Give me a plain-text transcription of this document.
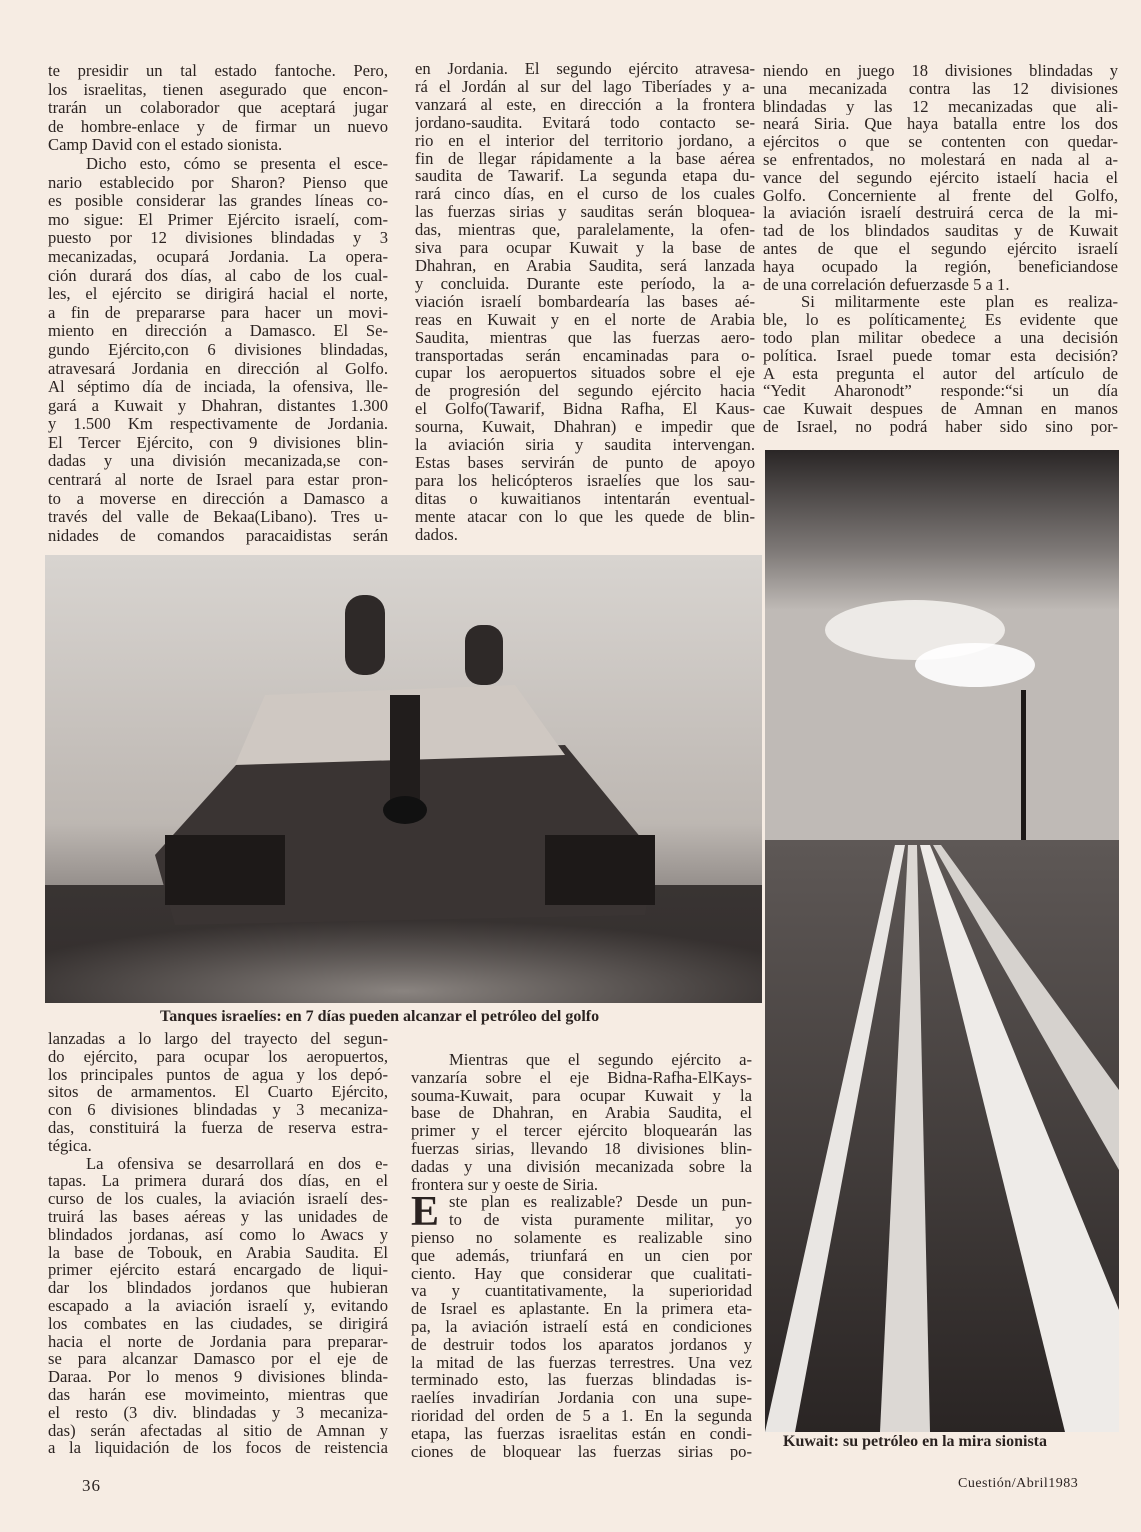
te presidir un tal estado fantoche. Pero,
los israelitas, tienen asegurado que encon-
trarán un colaborador que aceptará jugar
de hombre-enlace y de firmar un nuevo
Camp David con el estado sionista.
Dicho esto, cómo se presenta el esce-
nario establecido por Sharon? Pienso que
es posible considerar las grandes líneas co-
mo sigue: El Primer Ejército israelí, com-
puesto por 12 divisiones blindadas y 3
mecanizadas, ocupará Jordania. La opera-
ción durará dos días, al cabo de los cual-
les, el ejército se dirigirá hacial el norte,
a fin de prepararse para hacer un movi-
miento en dirección a Damasco. El Se-
gundo Ejército,con 6 divisiones blindadas,
atravesará Jordania en dirección al Golfo.
Al séptimo día de inciada, la ofensiva, lle-
gará a Kuwait y Dhahran, distantes 1.300
y 1.500 Km respectivamente de Jordania.
El Tercer Ejército, con 9 divisiones blin-
dadas y una división mecanizada,se con-
centrará al norte de Israel para estar pron-
to a moverse en dirección a Damasco a
través del valle de Bekaa(Libano). Tres u-
nidades de comandos paracaidistas serán
en Jordania. El segundo ejército atravesa-
rá el Jordán al sur del lago Tiberíades y a-
vanzará al este, en dirección a la frontera
jordano-saudita. Evitará todo contacto se-
rio en el interior del territorio jordano, a
fin de llegar rápidamente a la base aérea
saudita de Tawarif. La segunda etapa du-
rará cinco días, en el curso de los cuales
las fuerzas sirias y sauditas serán bloquea-
das, mientras que, paralelamente, la ofen-
siva para ocupar Kuwait y la base de
Dhahran, en Arabia Saudita, será lanzada
y concluida. Durante este período, la a-
viación israelí bombardearía las bases aé-
reas en Kuwait y en el norte de Arabia
Saudita, mientras que las fuerzas aero-
transportadas serán encaminadas para o-
cupar los aeropuertos situados sobre el eje
de progresión del segundo ejército hacia
el Golfo(Tawarif, Bidna Rafha, El Kaus-
sourna, Kuwait, Dhahran) e impedir que
la aviación siria y saudita intervengan.
Estas bases servirán de punto de apoyo
para los helicópteros israelíes que los sau-
ditas o kuwaitianos intentarán eventual-
mente atacar con lo que les quede de blin-
dados.
niendo en juego 18 divisiones blindadas y
una mecanizada contra las 12 divisiones
blindadas y las 12 mecanizadas que ali-
neará Siria. Que haya batalla entre los dos
ejércitos o que se contenten con quedar-
se enfrentados, no molestará en nada al a-
vance del segundo ejército istaelí hacia el
Golfo. Concerniente al frente del Golfo,
la aviación israelí destruirá cerca de la mi-
tad de los blindados sauditas y de Kuwait
antes de que el segundo ejército israelí
haya ocupado la región, beneficiandose
de una correlación defuerzasde 5 a 1.
Si militarmente este plan es realiza-
ble, lo es políticamente¿ Es evidente que
todo plan militar obedece a una decisión
política. Israel puede tomar esta decisión?
A esta pregunta el autor del artículo de
“Yedit Aharonodt” responde:“si un día
cae Kuwait despues de Amnan en manos
de Israel, no podrá haber sido sino por-
lanzadas a lo largo del trayecto del segun-
do ejército, para ocupar los aeropuertos,
los principales puntos de agua y los depó-
sitos de armamentos. El Cuarto Ejército,
con 6 divisiones blindadas y 3 mecaniza-
das, constituirá la fuerza de reserva estra-
tégica.
La ofensiva se desarrollará en dos e-
tapas. La primera durará dos días, en el
curso de los cuales, la aviación israelí des-
truirá las bases aéreas y las unidades de
blindados jordanas, así como lo Awacs y
la base de Tobouk, en Arabia Saudita. El
primer ejército estará encargado de liqui-
dar los blindados jordanos que hubieran
escapado a la aviación israelí y, evitando
los combates en las ciudades, se dirigirá
hacia el norte de Jordania para preparar-
se para alcanzar Damasco por el eje de
Daraa. Por lo menos 9 divisiones blinda-
das harán ese movimeinto, mientras que
el resto (3 div. blindadas y 3 mecaniza-
das) serán afectadas al sitio de Amnan y
a la liquidación de los focos de reistencia
E
Mientras que el segundo ejército a-
vanzaría sobre el eje Bidna-Rafha-ElKays-
souma-Kuwait, para ocupar Kuwait y la
base de Dhahran, en Arabia Saudita, el
primer y el tercer ejército bloquearán las
fuerzas sirias, llevando 18 divisiones blin-
dadas y una división mecanizada sobre la
frontera sur y oeste de Siria.
ste plan es realizable? Desde un pun-
to de vista puramente militar, yo
pienso no solamente es realizable sino
que además, triunfará en un cien por
ciento. Hay que considerar que cualitati-
va y cuantitativamente, la superioridad
de Israel es aplastante. En la primera eta-
pa, la aviación istraelí está en condiciones
de destruir todos los aparatos jordanos y
la mitad de las fuerzas terrestres. Una vez
terminado esto, las fuerzas blindadas is-
raelíes invadirían Jordania con una supe-
rioridad del orden de 5 a 1. En la segunda
etapa, las fuerzas israelitas están en condi-
ciones de bloquear las fuerzas sirias po-
Tanques israelíes: en 7 días pueden alcanzar el petróleo del golfo
Kuwait: su petróleo en la mira sionista
36	Cuestión/Abril1983
